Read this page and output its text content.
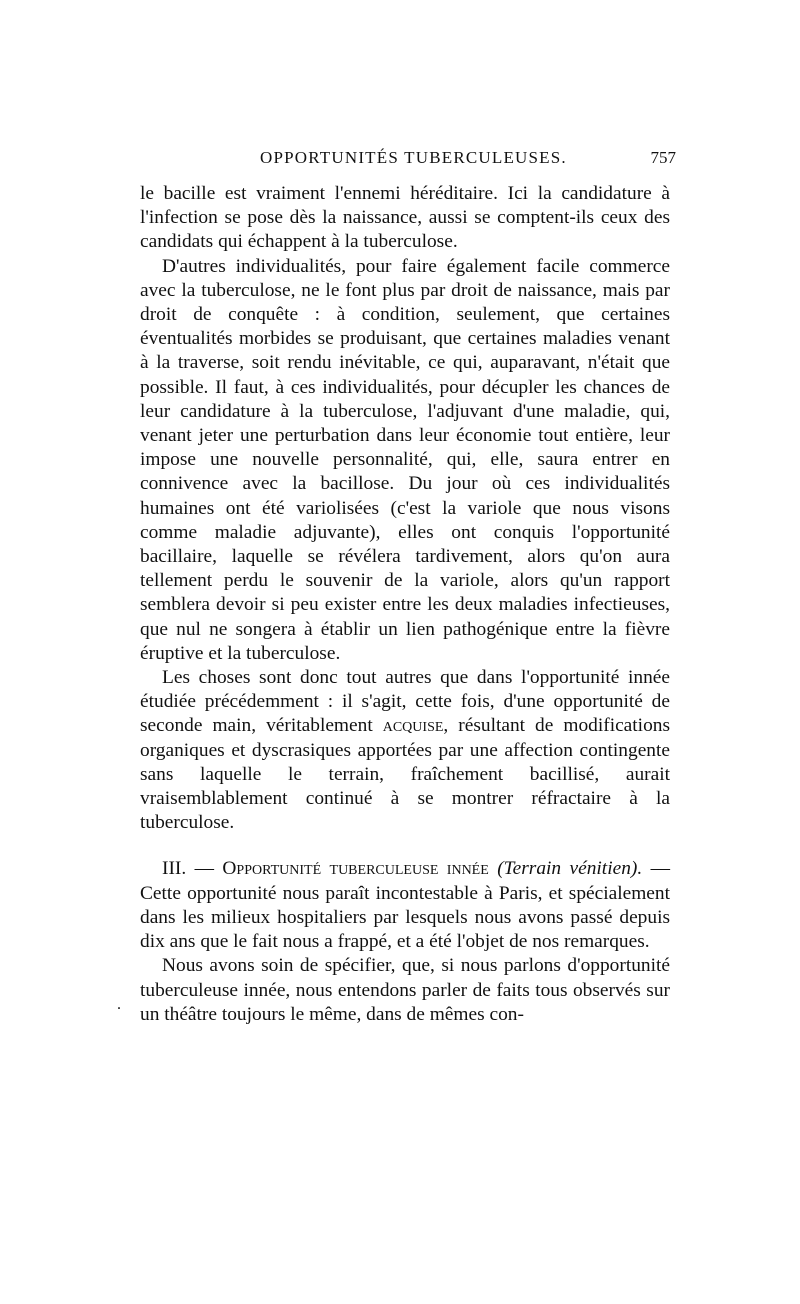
OPPORTUNITÉS TUBERCULEUSES.	757
.

le bacille est vraiment l'ennemi héréditaire. Ici la candidature à l'infection se pose dès la naissance, aussi se comptent-ils ceux des candidats qui échappent à la tuberculose.

D'autres individualités, pour faire également facile commerce avec la tuberculose, ne le font plus par droit de naissance, mais par droit de conquête : à condition, seulement, que certaines éventualités morbides se produisant, que certaines maladies venant à la traverse, soit rendu inévitable, ce qui, auparavant, n'était que possible. Il faut, à ces individualités, pour décupler les chances de leur candidature à la tuberculose, l'adjuvant d'une maladie, qui, venant jeter une perturbation dans leur économie tout entière, leur impose une nouvelle personnalité, qui, elle, saura entrer en connivence avec la bacillose. Du jour où ces individualités humaines ont été variolisées (c'est la variole que nous visons comme maladie adjuvante), elles ont conquis l'opportunité bacillaire, laquelle se révélera tardivement, alors qu'on aura tellement perdu le souvenir de la variole, alors qu'un rapport semblera devoir si peu exister entre les deux maladies infectieuses, que nul ne songera à établir un lien pathogénique entre la fièvre éruptive et la tuberculose.

Les choses sont donc tout autres que dans l'opportunité innée étudiée précédemment : il s'agit, cette fois, d'une opportunité de seconde main, véritablement acquise, résultant de modifications organiques et dyscrasiques apportées par une affection contingente sans laquelle le terrain, fraîchement bacillisé, aurait vraisemblablement continué à se montrer réfractaire à la tuberculose.

III. — Opportunité tuberculeuse innée (Terrain vénitien). — Cette opportunité nous paraît incontestable à Paris, et spécialement dans les milieux hospitaliers par lesquels nous avons passé depuis dix ans que le fait nous a frappé, et a été l'objet de nos remarques.

Nous avons soin de spécifier, que, si nous parlons d'opportunité tuberculeuse innée, nous entendons parler de faits tous observés sur un théâtre toujours le même, dans de mêmes con-
